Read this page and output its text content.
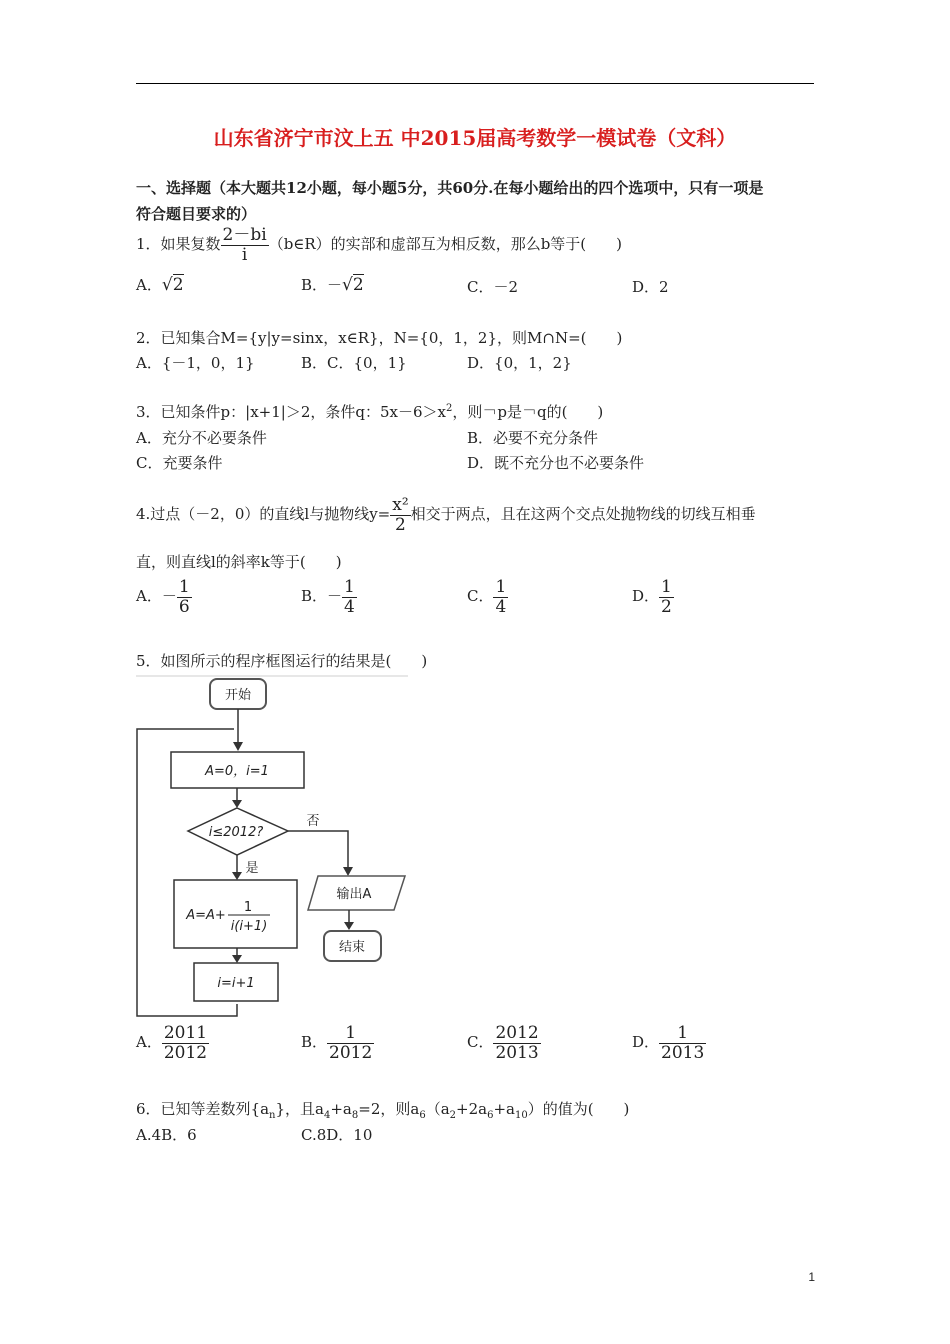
山东省济宁市汶上五 中2015届高考数学一模试卷（文科）
一、选择题（本大题共12小题，每小题5分，共60分.在每小题给出的四个选项中，只有一项是
符合题目要求的）
1．如果复数 $\frac{2-bi}{i}$ （b∈R）的实部和虚部互为相反数，那么b等于(　　)
A．√2	B．－√2	C．－2	D．2
2．已知集合M={y|y=sinx，x∈R}，N={0，1，2}，则M∩N=(　　)
A．{－1，0，1}	B．C．{0，1}	D．{0，1，2}
3．已知条件p：|x+1|＞2，条件q：$5x-6>x^2$，则￢p是￢q的(　　)
A．充分不必要条件	B．必要不充分条件
C．充要条件	D．既不充分也不必要条件
4.过点（－2，0）的直线l与抛物线$y= \frac{\text{x²}}{2}$ 相交于两点，且在这两个交点处抛物线的切线互相垂
直，则直线l的斜率k等于(　　)
A．－ $\frac{1}{6}$	B．－ $\frac{1}{4}$	C． $\frac{1}{4}$	D． $\frac{1}{2}$
5．如图所示的程序框图运行的结果是(　　)
开始
A=0，i=1
i≤2012?
否
是
A=A+
1
i(i+1)
i=i+1
输出A
结束
A． $\frac{2011}{2012}$	B． $\frac{1}{2012}$	C． $\frac{2012}{2013}$	D． $\frac{1}{2013}$
6．已知等差数列$\{a_n\}$，且$a_4+a_8=2$，则$a_6(a_2+2a_6+a_{10})$的值为(　　)
A.4B．6	C.8D．10
1
